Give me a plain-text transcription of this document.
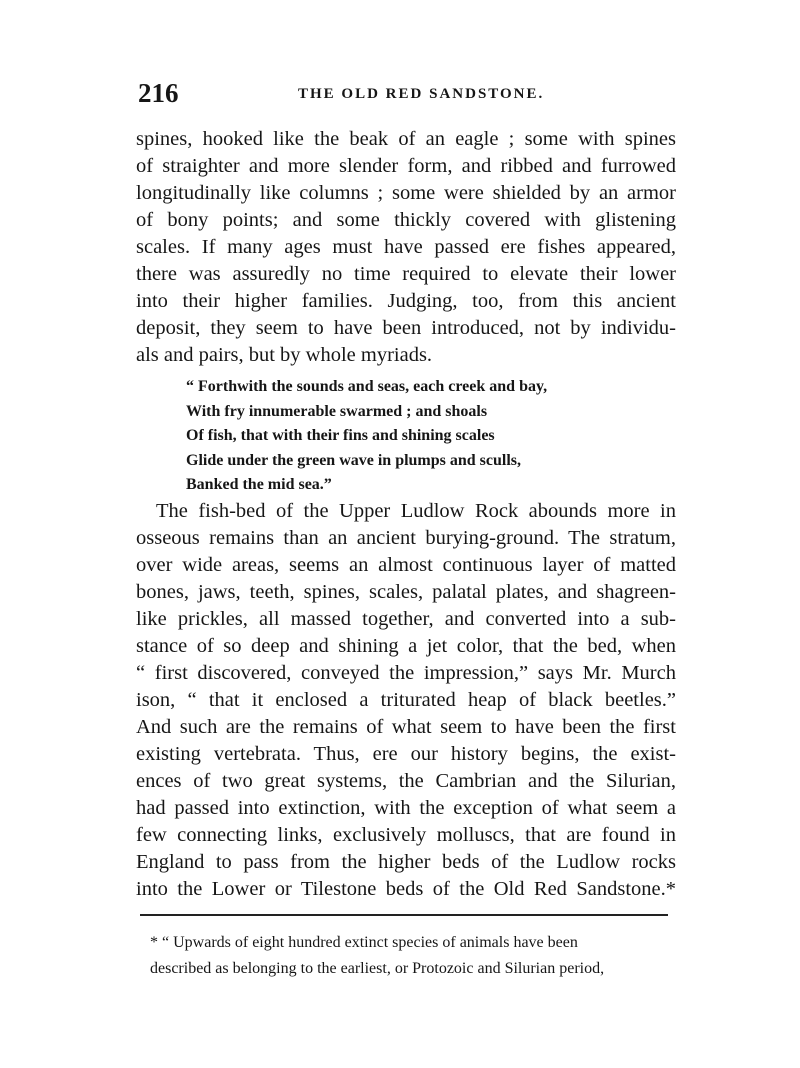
216	THE OLD RED SANDSTONE.
spines, hooked like the beak of an eagle ; some with spines
of straighter and more slender form, and ribbed and furrowed
longitudinally like columns ; some were shielded by an armor
of bony points; and some thickly covered with glistening
scales. If many ages must have passed ere fishes appeared,
there was assuredly no time required to elevate their lower
into their higher families. Judging, too, from this ancient
deposit, they seem to have been introduced, not by individu-
als and pairs, but by whole myriads.
“ Forthwith the sounds and seas, each creek and bay,
With fry innumerable swarmed ; and shoals
Of fish, that with their fins and shining scales
Glide under the green wave in plumps and sculls,
Banked the mid sea.”
The fish-bed of the Upper Ludlow Rock abounds more in
osseous remains than an ancient burying-ground. The stratum,
over wide areas, seems an almost continuous layer of matted
bones, jaws, teeth, spines, scales, palatal plates, and shagreen-
like prickles, all massed together, and converted into a sub-
stance of so deep and shining a jet color, that the bed, when
“ first discovered, conveyed the impression,” says Mr. Murch
ison, “ that it enclosed a triturated heap of black beetles.”
And such are the remains of what seem to have been the first
existing vertebrata. Thus, ere our history begins, the exist-
ences of two great systems, the Cambrian and the Silurian,
had passed into extinction, with the exception of what seem a
few connecting links, exclusively molluscs, that are found in
England to pass from the higher beds of the Ludlow rocks
into the Lower or Tilestone beds of the Old Red Sandstone.*
* “ Upwards of eight hundred extinct species of animals have been
described as belonging to the earliest, or Protozoic and Silurian period,
